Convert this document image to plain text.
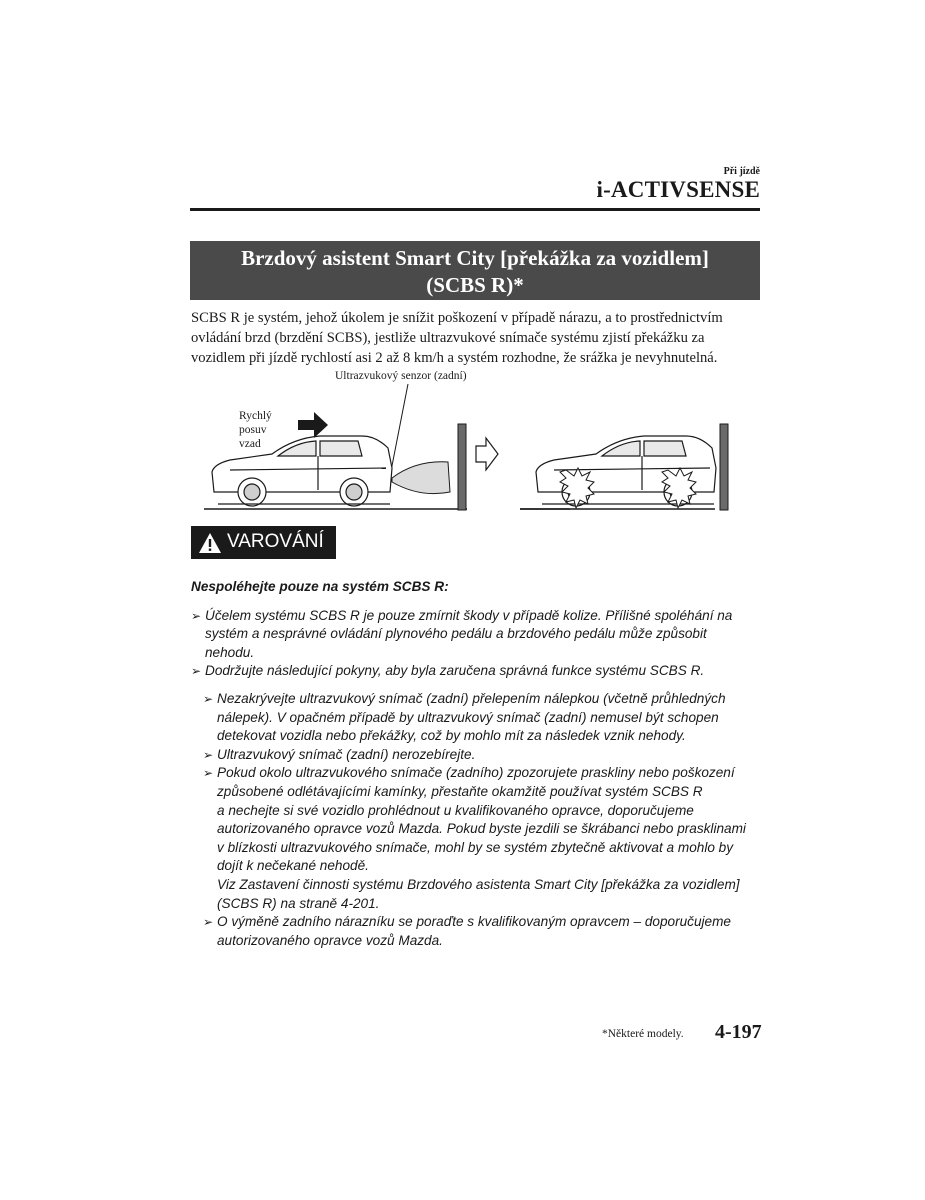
Při jízdě
i-ACTIVSENSE
Brzdový asistent Smart City [překážka za vozidlem]
(SCBS R)*
SCBS R je systém, jehož úkolem je snížit poškození v případě nárazu, a to prostřednictvím
ovládání brzd (brzdění SCBS), jestliže ultrazvukové snímače systému zjistí překážku za
vozidlem při jízdě rychlostí asi 2 až 8 km/h a systém rozhodne, že srážka je nevyhnutelná.
Ultrazvukový senzor (zadní)
Rychlý
posuv
vzad
VAROVÁNÍ
Nespoléhejte pouze na systém SCBS R:
➢ Účelem systému SCBS R je pouze zmírnit škody v případě kolize. Přílišné spoléhání na
systém a nesprávné ovládání plynového pedálu a brzdového pedálu může způsobit
nehodu.
➢ Dodržujte následující pokyny, aby byla zaručena správná funkce systému SCBS R.
➢ Nezakrývejte ultrazvukový snímač (zadní) přelepením nálepkou (včetně průhledných
nálepek). V opačném případě by ultrazvukový snímač (zadní) nemusel být schopen
detekovat vozidla nebo překážky, což by mohlo mít za následek vznik nehody.
➢ Ultrazvukový snímač (zadní) nerozebírejte.
➢ Pokud okolo ultrazvukového snímače (zadního) zpozorujete praskliny nebo poškození
způsobené odlétávajícími kamínky, přestaňte okamžitě používat systém SCBS R
a nechejte si své vozidlo prohlédnout u kvalifikovaného opravce, doporučujeme
autorizovaného opravce vozů Mazda. Pokud byste jezdili se škrábanci nebo prasklinami
v blízkosti ultrazvukového snímače, mohl by se systém zbytečně aktivovat a mohlo by
dojít k nečekané nehodě.
Viz Zastavení činnosti systému Brzdového asistenta Smart City [překážka za vozidlem]
(SCBS R) na straně 4-201.
➢ O výměně zadního nárazníku se poraďte s kvalifikovaným opravcem – doporučujeme
autorizovaného opravce vozů Mazda.
*Některé modely. 4-197
